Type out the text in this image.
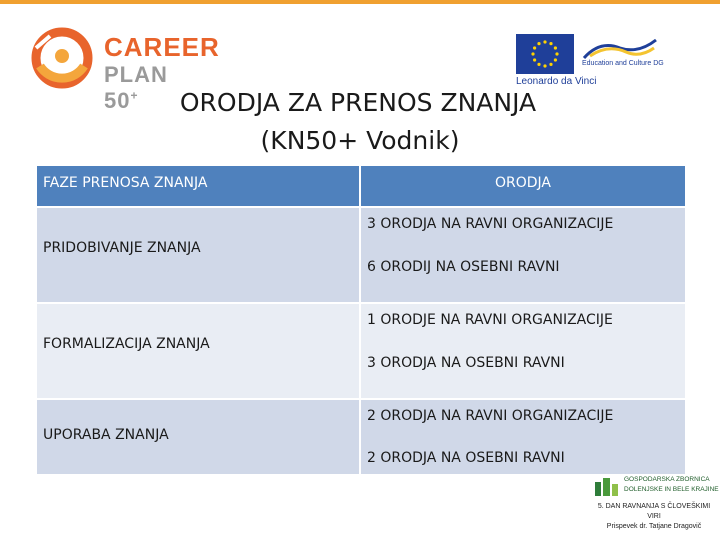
CAREER
PLAN 50+
Leonardo da Vinci
Education and Culture DG
ORODJA ZA PRENOS ZNANJA
(KN50+ Vodnik)
FAZE PRENOSA ZNANJA	ORODJA
PRIDOBIVANJE ZNANJA
3 ORODJA NA RAVNI ORGANIZACIJE
6 ORODIJ NA OSEBNI RAVNI
FORMALIZACIJA ZNANJA
1 ORODJE NA RAVNI ORGANIZACIJE
3 ORODJA NA OSEBNI RAVNI
UPORABA ZNANJA
2 ORODJA NA RAVNI ORGANIZACIJE
2 ORODJA NA OSEBNI RAVNI
GOSPODARSKA ZBORNICA
DOLENJSKE IN BELE KRAJINE
5. DAN RAVNANJA S ČLOVEŠKIMI
VIRI
Prispevek dr. Tatjane Dragovič
